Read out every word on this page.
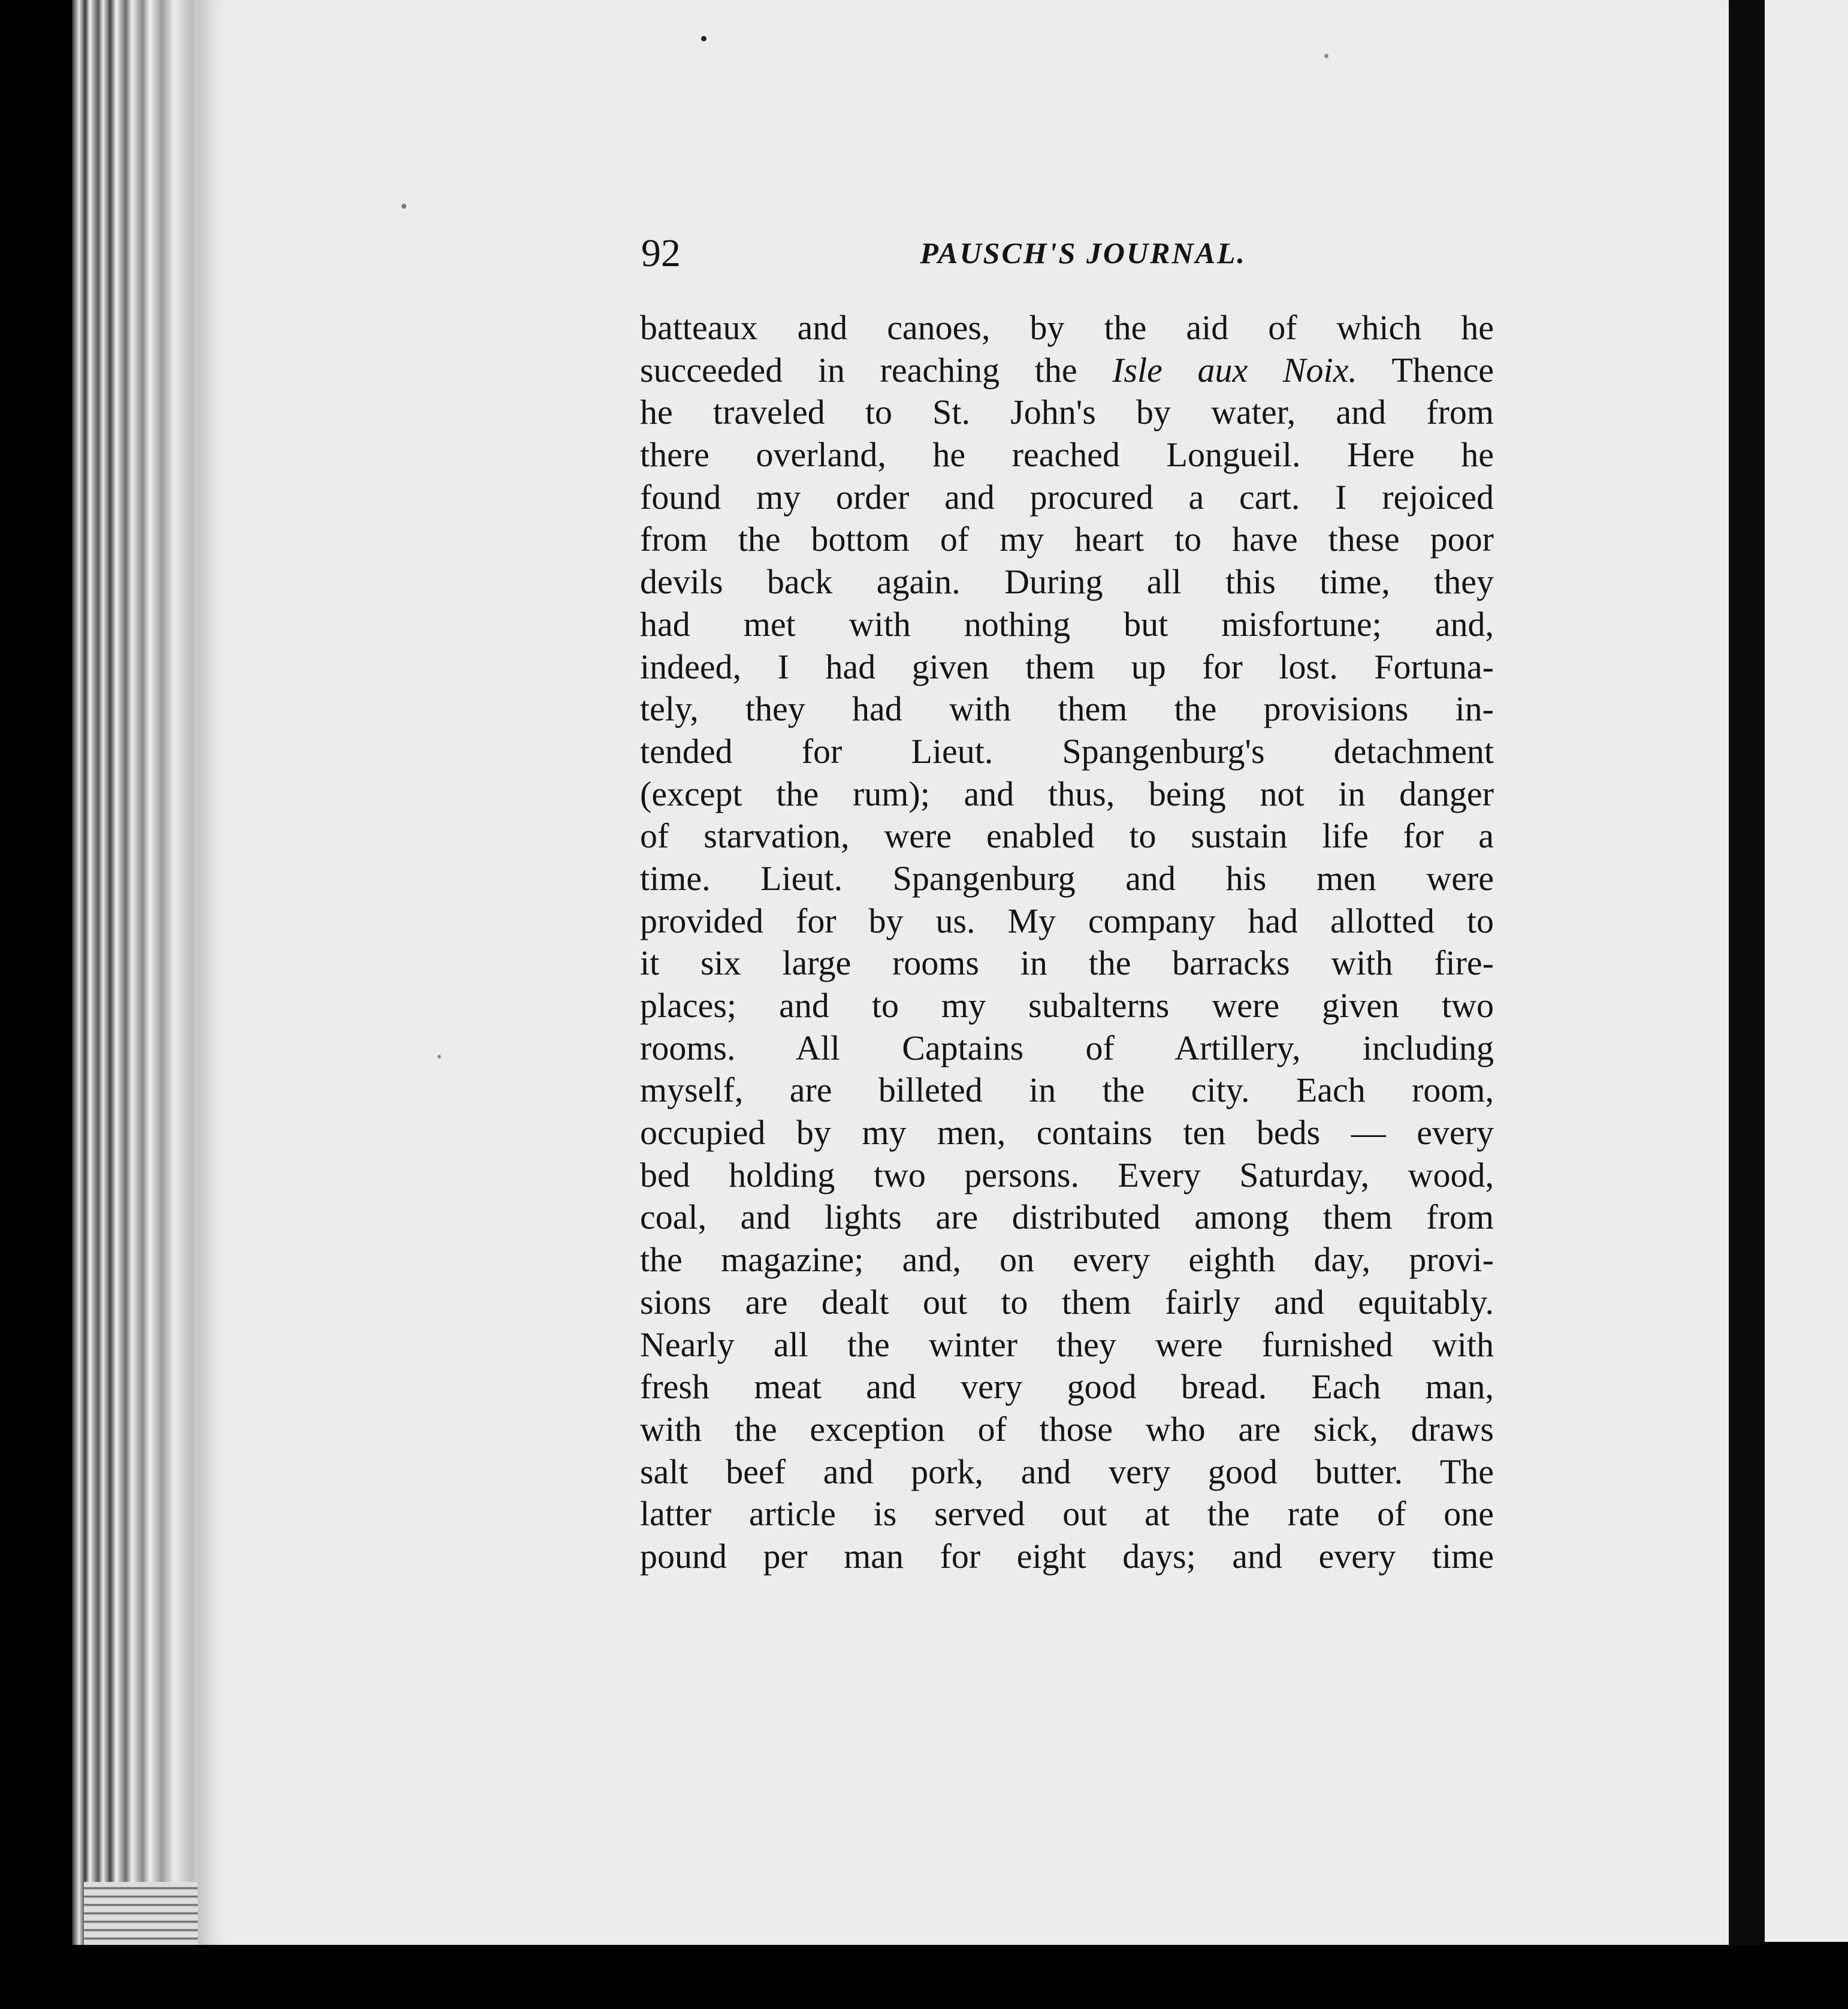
92	PAUSCH'S JOURNAL.
batteaux and canoes, by the aid of which he
succeeded in reaching the Isle aux Noix. Thence
he traveled to St. John's by water, and from
there overland, he reached Longueil. Here he
found my order and procured a cart. I rejoiced
from the bottom of my heart to have these poor
devils back again. During all this time, they
had met with nothing but misfortune; and,
indeed, I had given them up for lost. Fortuna-
tely, they had with them the provisions in-
tended for Lieut. Spangenburg's detachment
(except the rum); and thus, being not in danger
of starvation, were enabled to sustain life for a
time. Lieut. Spangenburg and his men were
provided for by us. My company had allotted to
it six large rooms in the barracks with fire-
places; and to my subalterns were given two
rooms. All Captains of Artillery, including
myself, are billeted in the city. Each room,
occupied by my men, contains ten beds — every
bed holding two persons. Every Saturday, wood,
coal, and lights are distributed among them from
the magazine; and, on every eighth day, provi-
sions are dealt out to them fairly and equitably.
Nearly all the winter they were furnished with
fresh meat and very good bread. Each man,
with the exception of those who are sick, draws
salt beef and pork, and very good butter. The
latter article is served out at the rate of one
pound per man for eight days; and every time
